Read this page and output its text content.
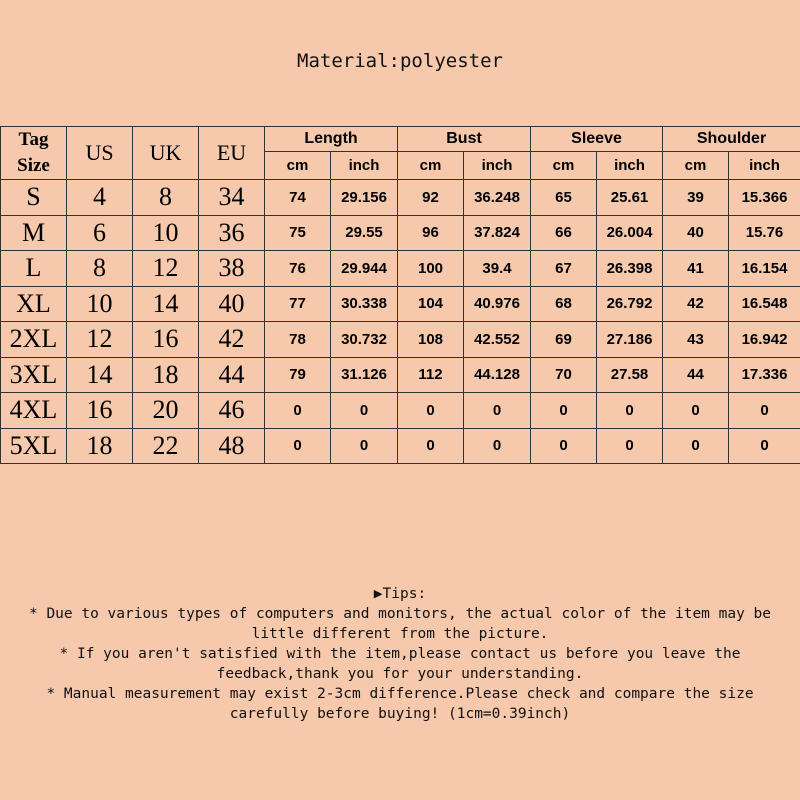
Material:polyester
Tag
Size	US	UK	EU	Length		Bust		Sleeve		Shoulder	
				cm	inch	cm	inch	cm	inch	cm	inch
S	4	8	34	74	29.156	92	36.248	65	25.61	39	15.366
M	6	10	36	75	29.55	96	37.824	66	26.004	40	15.76
L	8	12	38	76	29.944	100	39.4	67	26.398	41	16.154
XL	10	14	40	77	30.338	104	40.976	68	26.792	42	16.548
2XL	12	16	42	78	30.732	108	42.552	69	27.186	43	16.942
3XL	14	18	44	79	31.126	112	44.128	70	27.58	44	17.336
4XL	16	20	46	0	0	0	0	0	0	0	0
5XL	18	22	48	0	0	0	0	0	0	0	0

▶Tips:

* Due to various types of computers and monitors, the actual color of the item may be

little different from the picture.

* If you aren't satisfied with the item,please contact us before you leave the

feedback,thank you for your understanding.

* Manual measurement may exist 2-3cm difference.Please check and compare the size

carefully before buying! (1cm=0.39inch)
